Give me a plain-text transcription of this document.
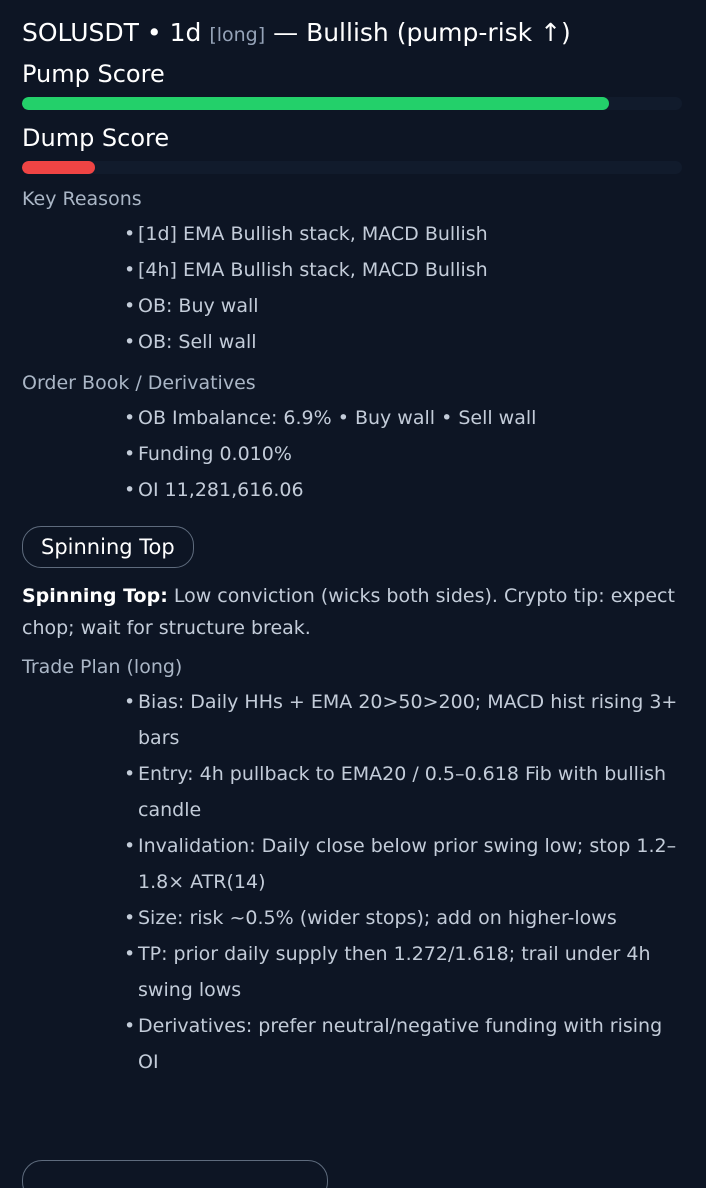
SOLUSDT • 1d [long] — Bullish (pump-risk ↑)
Pump Score
Dump Score
Key Reasons
• [1d] EMA Bullish stack, MACD Bullish
• [4h] EMA Bullish stack, MACD Bullish
• OB: Buy wall
• OB: Sell wall
Order Book / Derivatives
• OB Imbalance: 6.9% • Buy wall • Sell wall
• Funding 0.010%
• OI 11,281,616.06
Spinning Top
Spinning Top: Low conviction (wicks both sides). Crypto tip: expect chop; wait for structure break.
Trade Plan (long)
• Bias: Daily HHs + EMA 20>50>200; MACD hist rising 3+ bars
• Entry: 4h pullback to EMA20 / 0.5–0.618 Fib with bullish candle
• Invalidation: Daily close below prior swing low; stop 1.2–1.8× ATR(14)
• Size: risk ~0.5% (wider stops); add on higher-lows
• TP: prior daily supply then 1.272/1.618; trail under 4h swing lows
• Derivatives: prefer neutral/negative funding with rising OI
